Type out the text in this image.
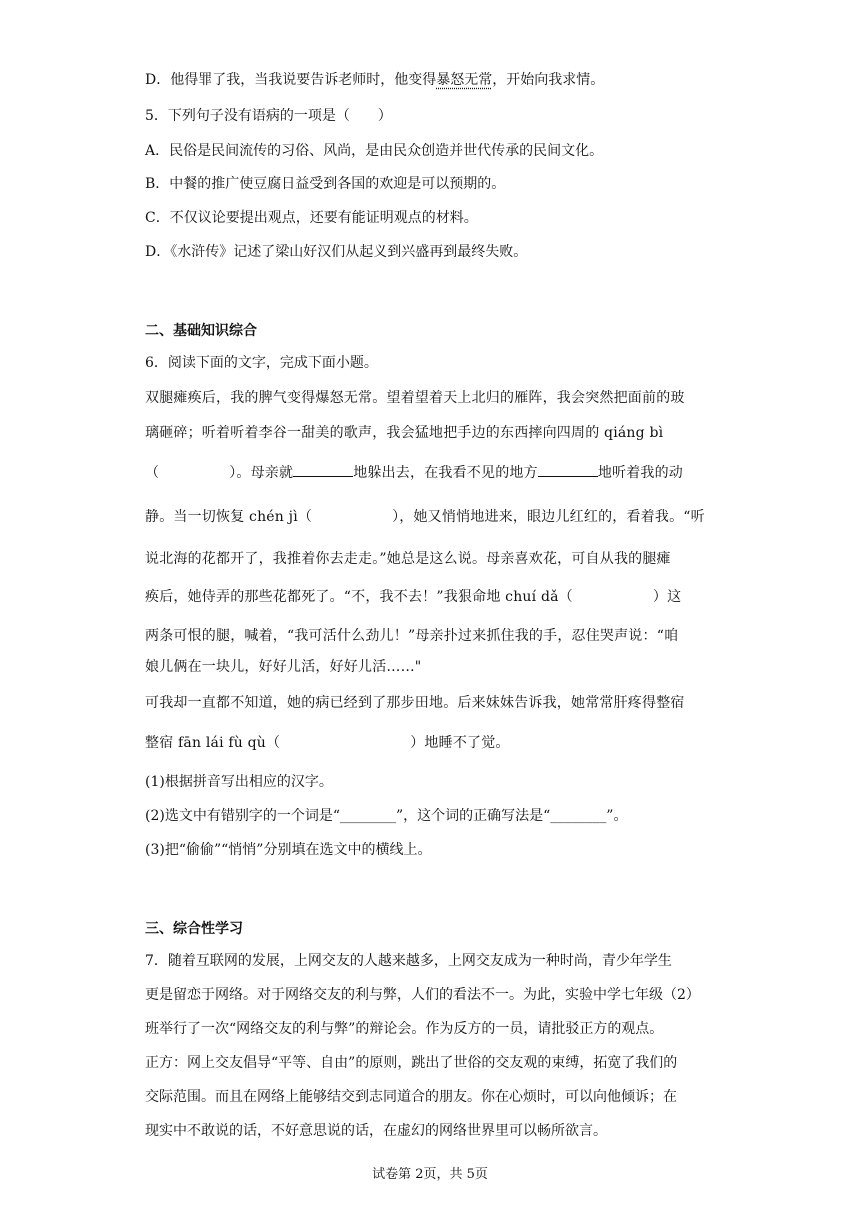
D．他得罪了我，当我说要告诉老师时，他变得暴怒无常，开始向我求情。
5．下列句子没有语病的一项是（　　）
A．民俗是民间流传的习俗、风尚，是由民众创造并世代传承的民间文化。
B．中餐的推广使豆腐日益受到各国的欢迎是可以预期的。
C．不仅议论要提出观点，还要有能证明观点的材料。
D．《水浒传》记述了梁山好汉们从起义到兴盛再到最终失败。
二、基础知识综合
6．阅读下面的文字，完成下面小题。
双腿瘫痪后，我的脾气变得爆怒无常。望着望着天上北归的雁阵，我会突然把面前的玻
璃砸碎；听着听着李谷一甜美的歌声，我会猛地把手边的东西摔向四周的 qiáng bì
（	）。母亲就	地躲出去，在我看不见的地方	地听着我的动
静。当一切恢复 chén jì（	），她又悄悄地进来，眼边儿红红的，看着我。“听
说北海的花都开了，我推着你去走走。”她总是这么说。母亲喜欢花，可自从我的腿瘫
痪后，她侍弄的那些花都死了。“不，我不去！”我狠命地 chuí dǎ（	）这
两条可恨的腿，喊着，“我可活什么劲儿！”母亲扑过来抓住我的手，忍住哭声说：“咱
娘儿俩在一块儿，好好儿活，好好儿活……"
可我却一直都不知道，她的病已经到了那步田地。后来妹妹告诉我，她常常肝疼得整宿
整宿 fān lái fù qù（	）地睡不了觉。
(1)根据拼音写出相应的汉字。
(2)选文中有错别字的一个词是“________”，这个词的正确写法是“________”。
(3)把“偷偷”“悄悄”分别填在选文中的横线上。
三、综合性学习
7．随着互联网的发展，上网交友的人越来越多，上网交友成为一种时尚，青少年学生
更是留恋于网络。对于网络交友的利与弊，人们的看法不一。为此，实验中学七年级（2）
班举行了一次“网络交友的利与弊”的辩论会。作为反方的一员，请批驳正方的观点。
正方：网上交友倡导“平等、自由”的原则，跳出了世俗的交友观的束缚，拓宽了我们的
交际范围。而且在网络上能够结交到志同道合的朋友。你在心烦时，可以向他倾诉；在
现实中不敢说的话，不好意思说的话，在虚幻的网络世界里可以畅所欲言。
试卷第 2页，共 5页
